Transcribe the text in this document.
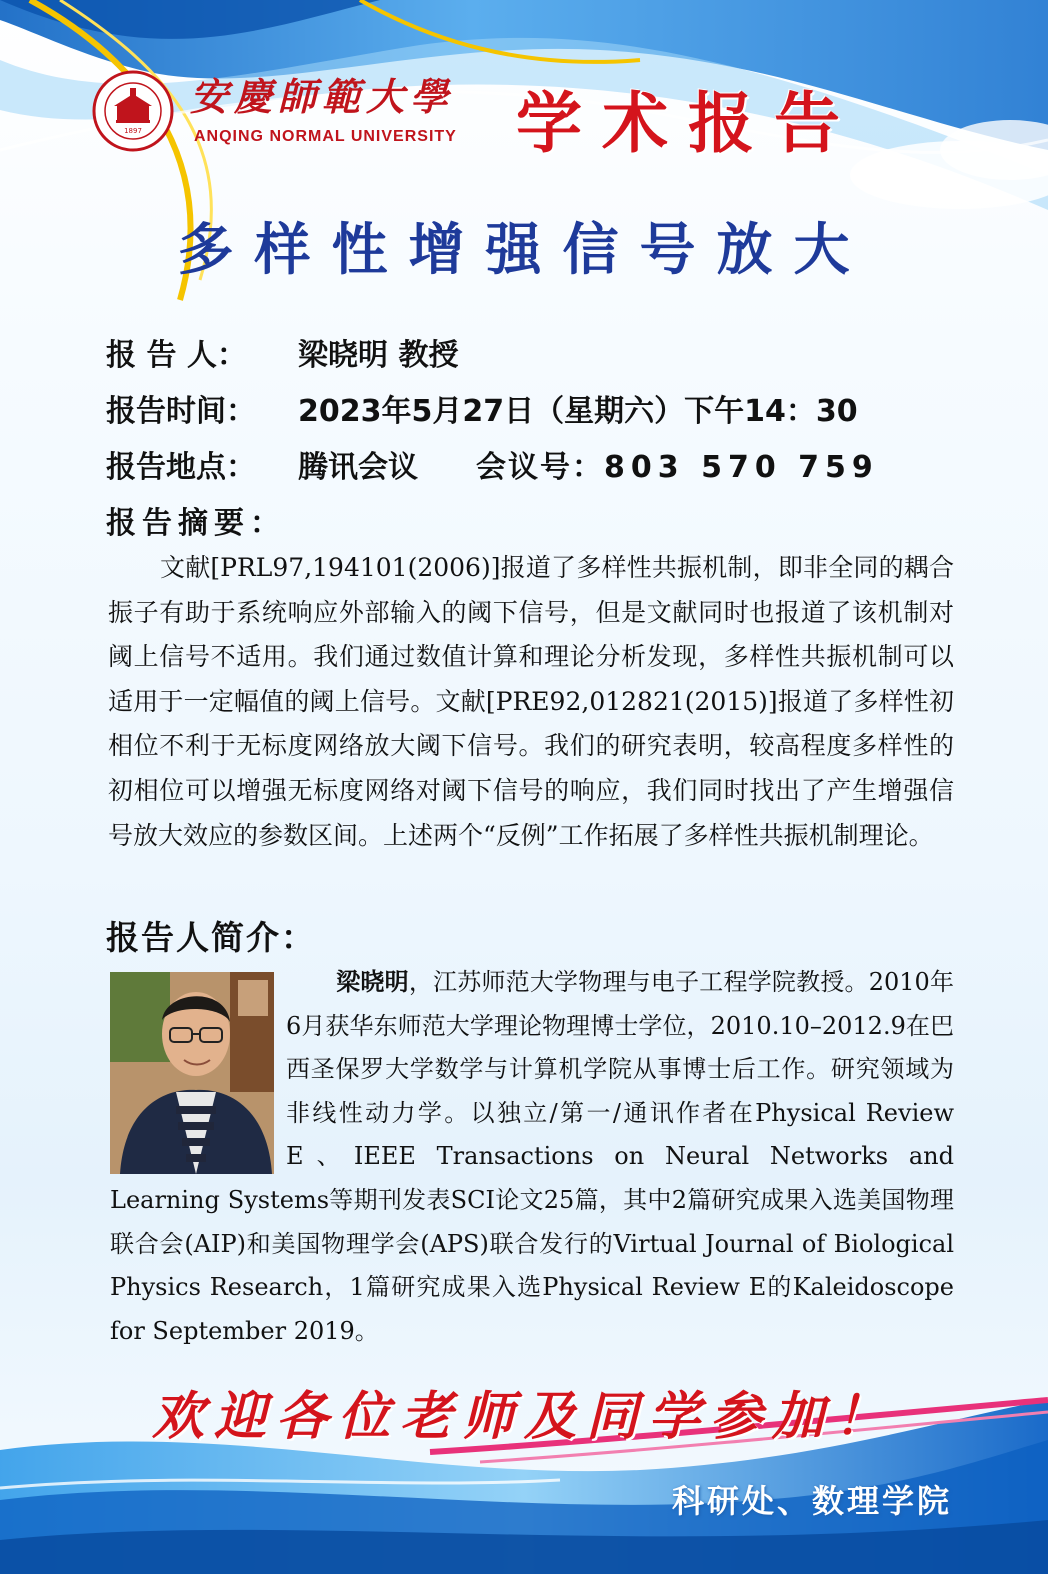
1897
安慶師範大學
ANQING NORMAL UNIVERSITY 学术报告
多样性增强信号放大
报 告 人： 梁晓明 教授
报告时间： 2023年5月27日（星期六）下午14：30
报告地点： 腾讯会议 会议号：803 570 759
报告摘要：
文献[PRL97,194101(2006)]报道了多样性共振机制，即非全同的耦合振子有助于系统响应外部输入的阈下信号，但是文献同时也报道了该机制对阈上信号不适用。我们通过数值计算和理论分析发现，多样性共振机制可以适用于一定幅值的阈上信号。文献[PRE92,012821(2015)]报道了多样性初相位不利于无标度网络放大阈下信号。我们的研究表明，较高程度多样性的初相位可以增强无标度网络对阈下信号的响应，我们同时找出了产生增强信号放大效应的参数区间。上述两个“反例”工作拓展了多样性共振机制理论。
报告人简介：
梁晓明，江苏师范大学物理与电子工程学院教授。2010年6月获华东师范大学理论物理博士学位，2010.10–2012.9在巴西圣保罗大学数学与计算机学院从事博士后工作。研究领域为非线性动力学。以独立/第一/通讯作者在Physical Review E、IEEE Transactions on Neural Networks and Learning Systems等期刊发表SCI论文25篇，其中2篇研究成果入选美国物理联合会(AIP)和美国物理学会(APS)联合发行的Virtual Journal of Biological Physics Research，1篇研究成果入选Physical Review E的Kaleidoscope for September 2019。
欢迎各位老师及同学参加！
科研处、数理学院
